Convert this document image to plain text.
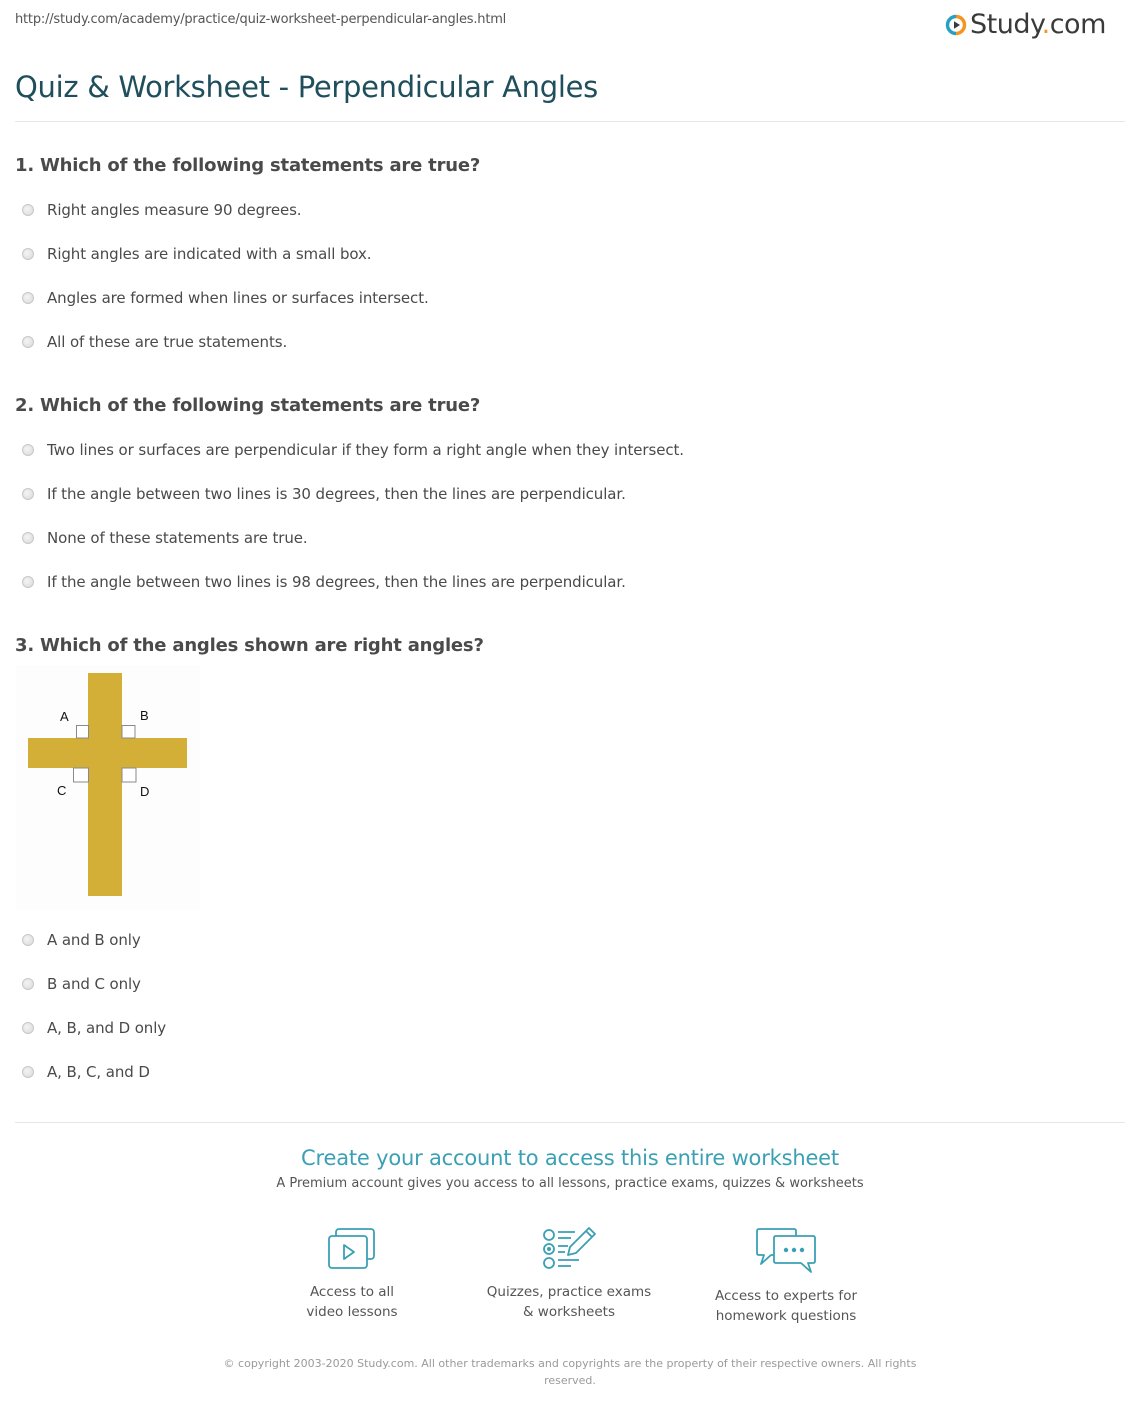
http://study.com/academy/practice/quiz-worksheet-perpendicular-angles.html	Study.com
Quiz & Worksheet - Perpendicular Angles
1. Which of the following statements are true?
Right angles measure 90 degrees.
Right angles are indicated with a small box.
Angles are formed when lines or surfaces intersect.
All of these are true statements.
2. Which of the following statements are true?
Two lines or surfaces are perpendicular if they form a right angle when they intersect.
If the angle between two lines is 30 degrees, then the lines are perpendicular.
None of these statements are true.
If the angle between two lines is 98 degrees, then the lines are perpendicular.
3. Which of the angles shown are right angles?
A	B
C	D
A and B only
B and C only
A, B, and D only
A, B, C, and D
Create your account to access this entire worksheet
A Premium account gives you access to all lessons, practice exams, quizzes & worksheets
Access to all
video lessons
Quizzes, practice exams
& worksheets
Access to experts for
homework questions
© copyright 2003-2020 Study.com. All other trademarks and copyrights are the property of their respective owners. All rights reserved.
